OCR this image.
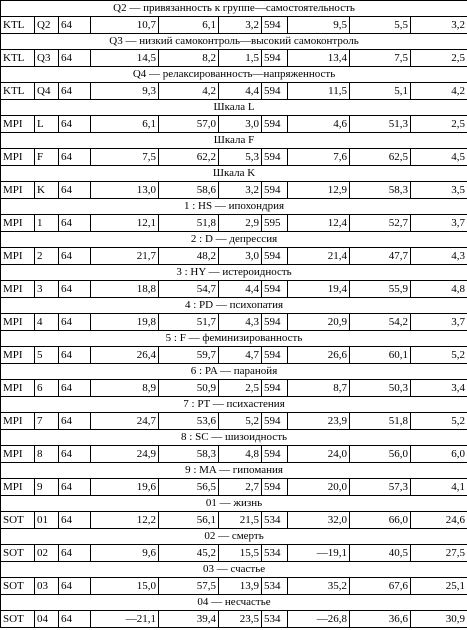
Q2 — привязанность к группе—самостоятельность									
KTL	Q2	64	10,7	6,1	3,2	594	9,5	5,5	3,2
Q3 — низкий самоконтроль—высокий самоконтроль									
KTL	Q3	64	14,5	8,2	1,5	594	13,4	7,5	2,5
Q4 — релаксированность—напряженность									
KTL	Q4	64	9,3	4,2	4,4	594	11,5	5,1	4,2
Шкала L									
MPI	L	64	6,1	57,0	3,0	594	4,6	51,3	2,5
Шкала F									
MPI	F	64	7,5	62,2	5,3	594	7,6	62,5	4,5
Шкала K									
MPI	K	64	13,0	58,6	3,2	594	12,9	58,3	3,5
1 : HS — ипохондрия									
MPI	1	64	12,1	51,8	2,9	595	12,4	52,7	3,7
2 : D — депрессия									
MPI	2	64	21,7	48,2	3,0	594	21,4	47,7	4,3
3 : HY — истероидность									
MPI	3	64	18,8	54,7	4,4	594	19,4	55,9	4,8
4 : PD — психопатия									
MPI	4	64	19,8	51,7	4,3	594	20,9	54,2	3,7
5 : F — феминизированность									
MPI	5	64	26,4	59,7	4,7	594	26,6	60,1	5,2
6 : PA — паранойя									
MPI	6	64	8,9	50,9	2,5	594	8,7	50,3	3,4
7 : PT — психастения									
MPI	7	64	24,7	53,6	5,2	594	23,9	51,8	5,2
8 : SC — шизоидность									
MPI	8	64	24,9	58,3	4,8	594	24,0	56,0	6,0
9 : MA — гипомания									
MPI	9	64	19,6	56,5	2,7	594	20,0	57,3	4,1
01 — жизнь									
SOT	01	64	12,2	56,1	21,5	534	32,0	66,0	24,6
02 — смерть									
SOT	02	64	9,6	45,2	15,5	534	—19,1	40,5	27,5
03 — счастье									
SOT	03	64	15,0	57,5	13,9	534	35,2	67,6	25,1
04 — несчастье									
SOT	04	64	—21,1	39,4	23,5	534	—26,8	36,6	30,9
